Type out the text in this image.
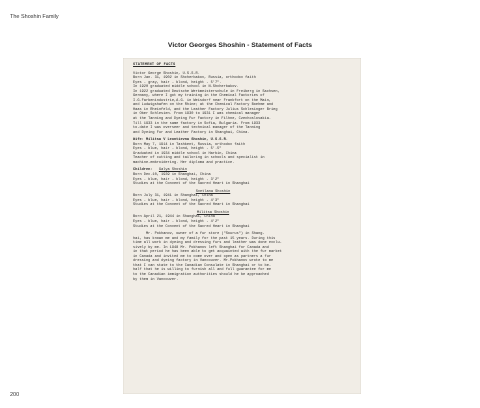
The Shoshin Family
Victor Georges Shoshin - Statement of Facts
STATEMENT OF FACTS
Victor George Shoshin, U.S.S.R.
Born Jan. 31, 1902 in Shcherbakov, Russia, orthodox faith
Eyes - gray, hair - blond, height - 5'7".
In 1920 graduated middle school in N.Shcherbakov.
In 1922 graduated Deutsche Werkmeisterschule in Freiberg in Sachsen,
Germany, where I got my training in the Chemical Factories of
I.G.Farbenindustrie,A.G. in Weisdorf near Frankfort on the Main,
and Ludwigshafen on the Rhine; at the Chemical Factory Boehme and
Haas in Rheinfeld, and the Leather Factory Julius Schlesinger Brieg
in Ober Schlesien. From 1930 to 1931 I was chemical manager
at the Tanning and Dyeing Fur Factory in Filhne, Czechoslovakia.
Till 1933 in the same factory in Sofia, Bulgaria. From 1933
to-date I was overseer and technical manager of the Tanning
and Dyeing Fur and Leather Factory in Shanghai, China.
Wife: Militsa V Leontievna Shoshin, U.S.S.R.
Born May 7, 1914 in Tashkent, Russia, orthodox faith
Eyes - blue, hair - blond, height - 5'.5"
Graduated in 1934 middle school in Harbin, China
Teacher of cutting and tailoring in schools and specialist in
machine-embroidering. Her diploma and practice.
Children: Galya Shoshin
Born Dec.10, 1939 in Shanghai, China
Eyes - blue, hair - blond, height - 3'2"
Studies at the Convent of the Sacred Heart in Shanghai
Svetlana Shoshin
Born July 31, 1941 in Shanghai, China
Eyes - blue, hair - blond, height - 4'3"
Studies at the Convent of the Sacred Heart in Shanghai
Militsa Shoshin
Born April 21, 1944 in Shanghai, China
Eyes - blue, hair - blond, height - 4'2"
Studies at the Convent of the Sacred Heart in Shanghai
Mr. Pokhanov, owner of a fur store ("Sourus") in Shang-
hai, has known me and my family for the past 15 years. During this
time all work in dyeing and dressing furs and leather was done exclu-
sively by me. In 1948 Mr. Pokhanov left Shanghai for Canada and
in that period he has been able to get acquainted with the fur market
in Canada and invited me to come over and open as partners a fur
dressing and dyeing factory in Vancouver. Mr.Pokhanov wrote to me
that I can state to the Canadian Consulate in Shanghai or to be-
half that he is willing to furnish all and full guarantee for me
to the Canadian immigration authorities should he be approached
by them in Vancouver.
200
